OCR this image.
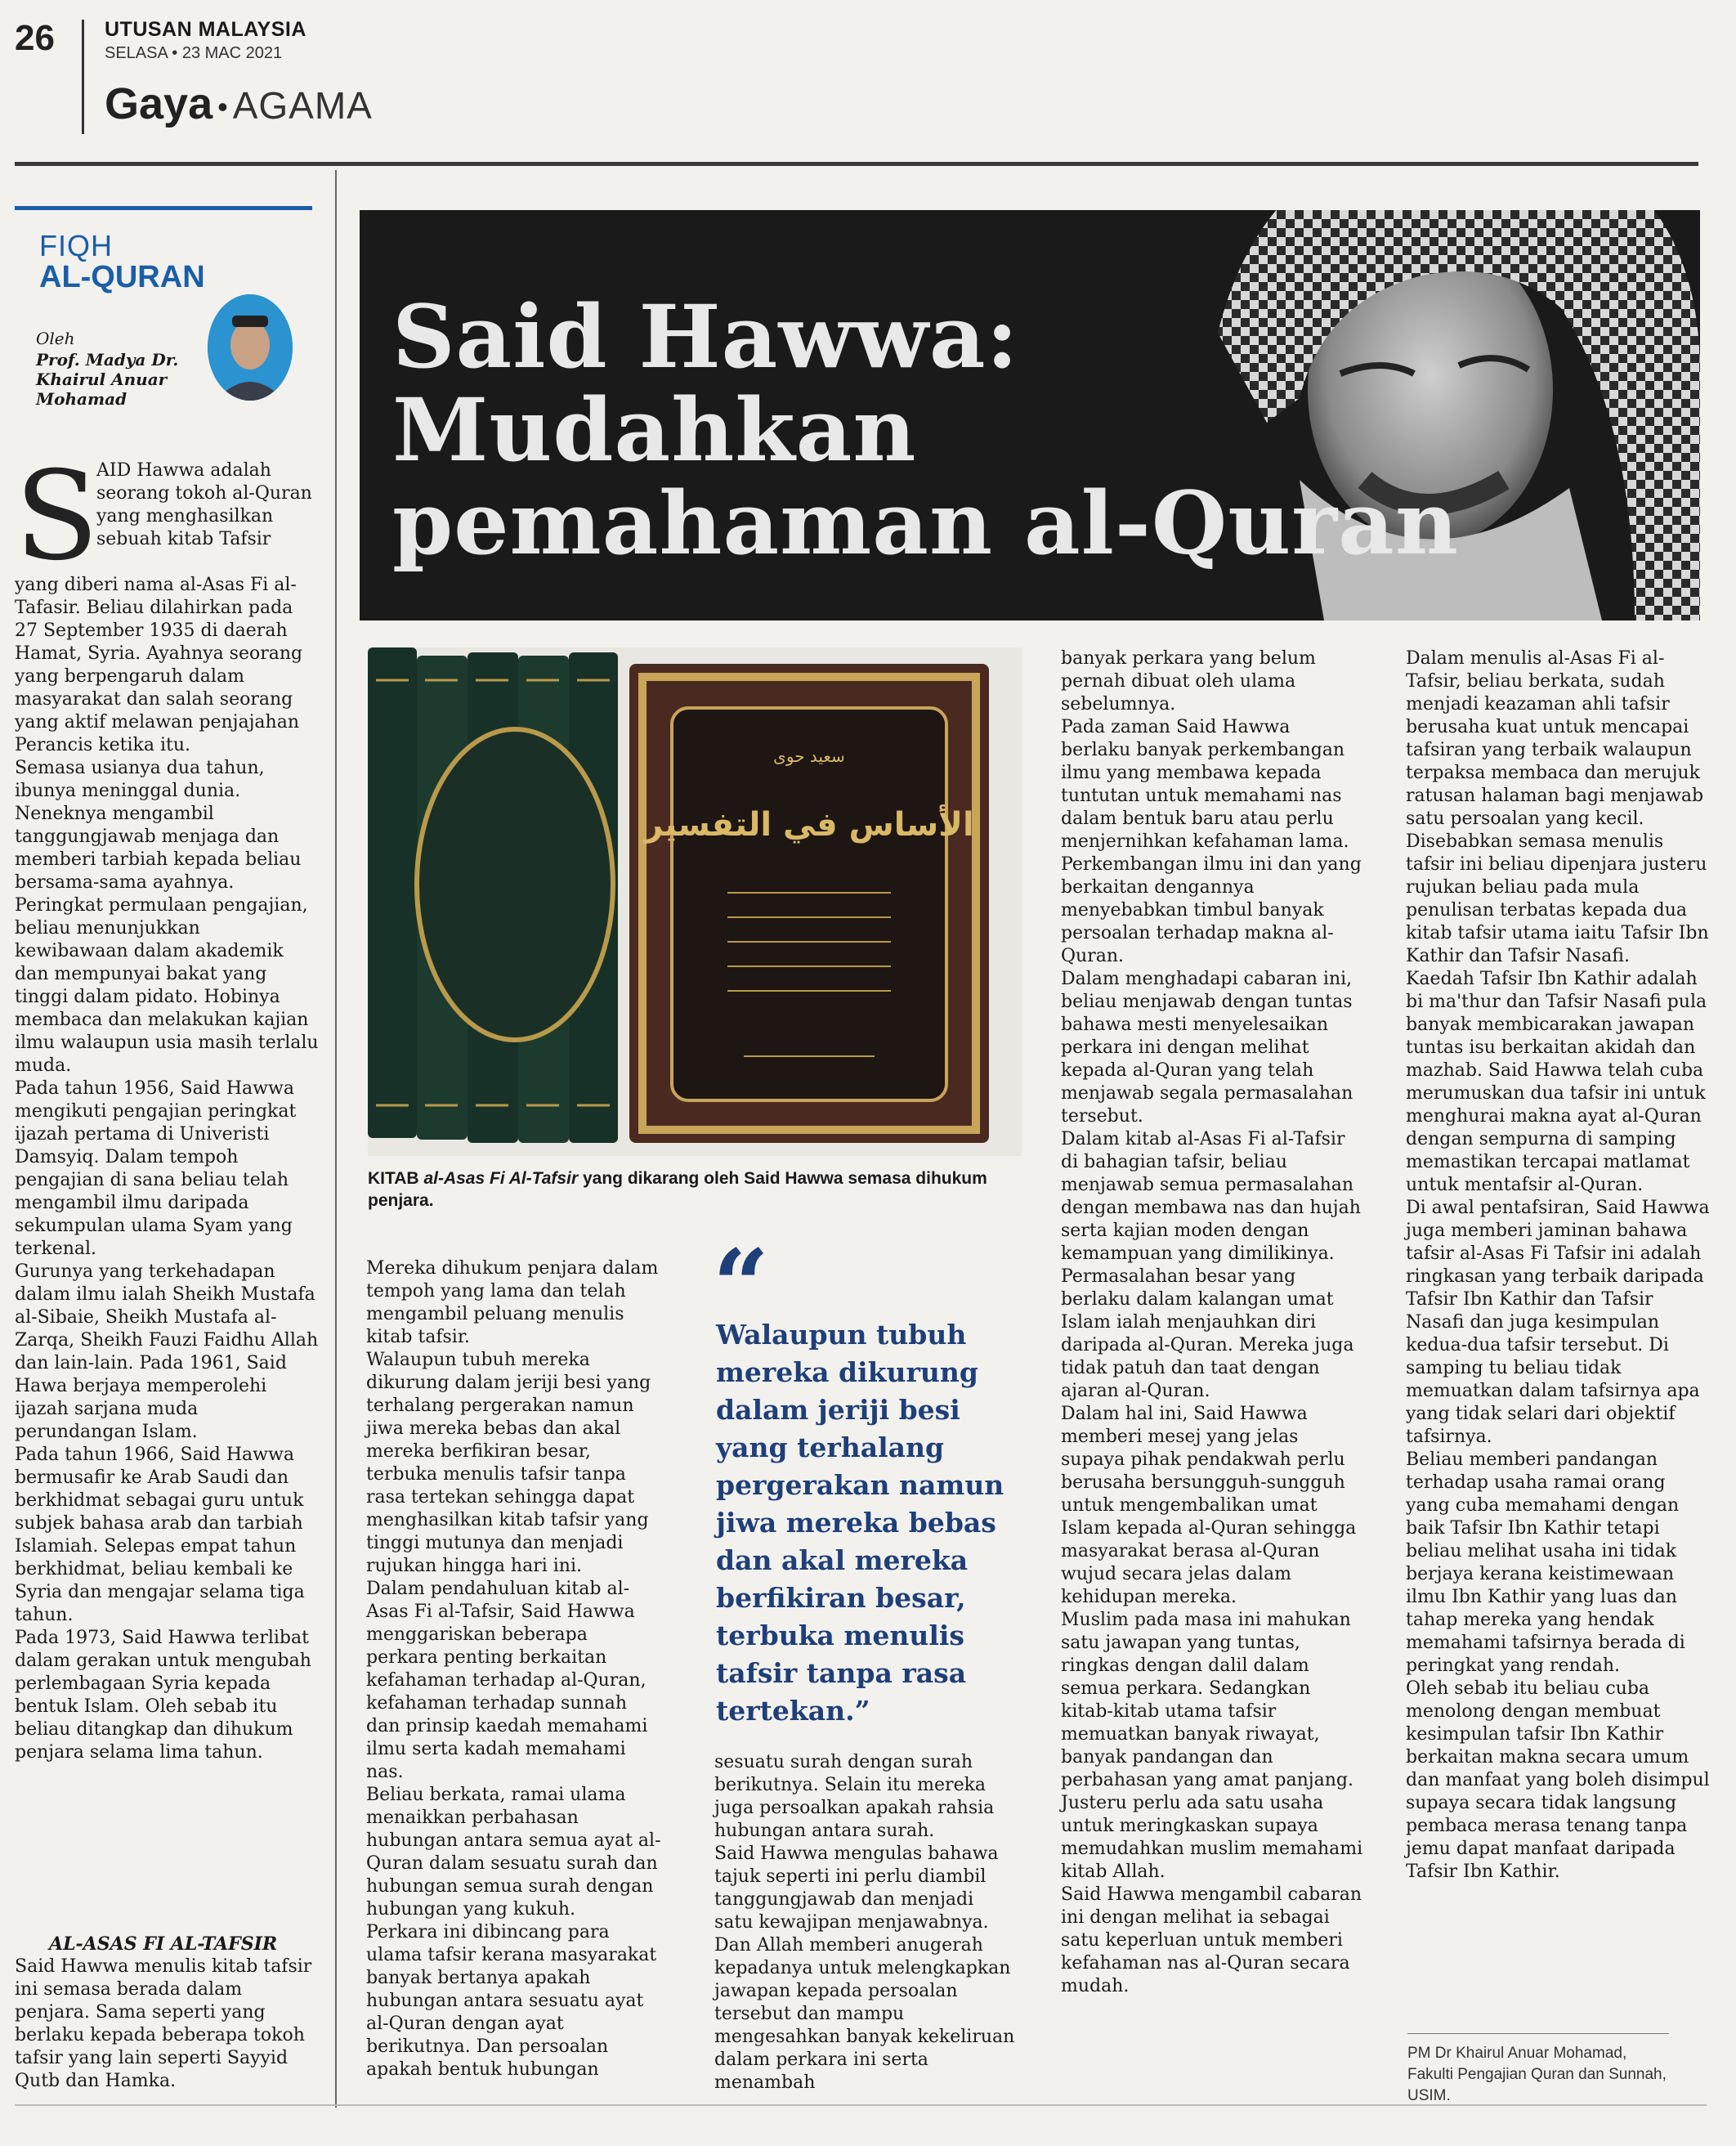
26 UTUSAN MALAYSIA
SELASA • 23 MAC 2021
Gaya • AGAMA
FIQH
AL-QURAN
Oleh
Prof. Madya Dr. Khairul Anuar Mohamad
Said Hawwa:
Mudahkan
pemahaman al-Quran
سعيد حوى
الأساس في التفسير
KITAB al-Asas Fi Al-Tafsir yang dikarang oleh Said Hawwa semasa dihukum penjara.
S
AID Hawwa adalah seorang tokoh al-Quran yang menghasilkan sebuah kitab Tafsir
yang diberi nama al-Asas Fi al-Tafasir. Beliau dilahirkan pada 27 September 1935 di daerah Hamat, Syria. Ayahnya seorang yang berpengaruh dalam masyarakat dan salah seorang yang aktif melawan penjajahan Perancis ketika itu.
Semasa usianya dua tahun, ibunya meninggal dunia. Neneknya mengambil tanggungjawab menjaga dan memberi tarbiah kepada beliau bersama-sama ayahnya.
Peringkat permulaan pengajian, beliau menunjukkan kewibawaan dalam akademik dan mempunyai bakat yang tinggi dalam pidato. Hobinya membaca dan melakukan kajian ilmu walaupun usia masih terlalu muda.
Pada tahun 1956, Said Hawwa mengikuti pengajian peringkat ijazah pertama di Univeristi Damsyiq. Dalam tempoh pengajian di sana beliau telah mengambil ilmu daripada sekumpulan ulama Syam yang terkenal.
Gurunya yang terkehadapan dalam ilmu ialah Sheikh Mustafa al-Sibaie, Sheikh Mustafa al-Zarqa, Sheikh Fauzi Faidhu Allah dan lain-lain. Pada 1961, Said Hawa berjaya memperolehi ijazah sarjana muda perundangan Islam.
Pada tahun 1966, Said Hawwa bermusafir ke Arab Saudi dan berkhidmat sebagai guru untuk subjek bahasa arab dan tarbiah Islamiah. Selepas empat tahun berkhidmat, beliau kembali ke Syria dan mengajar selama tiga tahun.
Pada 1973, Said Hawwa terlibat dalam gerakan untuk mengubah perlembagaan Syria kepada bentuk Islam. Oleh sebab itu beliau ditangkap dan dihukum penjara selama lima tahun.
AL-ASAS FI AL-TAFSIR
Said Hawwa menulis kitab tafsir ini semasa berada dalam penjara. Sama seperti yang berlaku kepada beberapa tokoh tafsir yang lain seperti Sayyid Qutb dan Hamka.
Mereka dihukum penjara dalam tempoh yang lama dan telah mengambil peluang menulis kitab tafsir.
Walaupun tubuh mereka dikurung dalam jeriji besi yang terhalang pergerakan namun jiwa mereka bebas dan akal mereka berfikiran besar, terbuka menulis tafsir tanpa rasa tertekan sehingga dapat menghasilkan kitab tafsir yang tinggi mutunya dan menjadi rujukan hingga hari ini.
Dalam pendahuluan kitab al-Asas Fi al-Tafsir, Said Hawwa menggariskan beberapa perkara penting berkaitan kefahaman terhadap al-Quran, kefahaman terhadap sunnah dan prinsip kaedah memahami ilmu serta kadah memahami nas.
Beliau berkata, ramai ulama menaikkan perbahasan hubungan antara semua ayat al-Quran dalam sesuatu surah dan hubungan semua surah dengan hubungan yang kukuh.
Perkara ini dibincang para ulama tafsir kerana masyarakat banyak bertanya apakah hubungan antara sesuatu ayat al-Quran dengan ayat berikutnya. Dan persoalan apakah bentuk hubungan
“
Walaupun tubuh mereka dikurung dalam jeriji besi yang terhalang pergerakan namun jiwa mereka bebas dan akal mereka berfikiran besar, terbuka menulis tafsir tanpa rasa tertekan.”
sesuatu surah dengan surah berikutnya. Selain itu mereka juga persoalkan apakah rahsia hubungan antara surah.
Said Hawwa mengulas bahawa tajuk seperti ini perlu diambil tanggungjawab dan menjadi satu kewajipan menjawabnya. Dan Allah memberi anugerah kepadanya untuk melengkapkan jawapan kepada persoalan tersebut dan mampu mengesahkan banyak kekeliruan dalam perkara ini serta menambah
banyak perkara yang belum pernah dibuat oleh ulama sebelumnya.
Pada zaman Said Hawwa berlaku banyak perkembangan ilmu yang membawa kepada tuntutan untuk memahami nas dalam bentuk baru atau perlu menjernihkan kefahaman lama. Perkembangan ilmu ini dan yang berkaitan dengannya menyebabkan timbul banyak persoalan terhadap makna al-Quran.
Dalam menghadapi cabaran ini, beliau menjawab dengan tuntas bahawa mesti menyelesaikan perkara ini dengan melihat kepada al-Quran yang telah menjawab segala permasalahan tersebut.
Dalam kitab al-Asas Fi al-Tafsir di bahagian tafsir, beliau menjawab semua permasalahan dengan membawa nas dan hujah serta kajian moden dengan kemampuan yang dimilikinya.
Permasalahan besar yang berlaku dalam kalangan umat Islam ialah menjauhkan diri daripada al-Quran. Mereka juga tidak patuh dan taat dengan ajaran al-Quran.
Dalam hal ini, Said Hawwa memberi mesej yang jelas supaya pihak pendakwah perlu berusaha bersungguh-sungguh untuk mengembalikan umat Islam kepada al-Quran sehingga masyarakat berasa al-Quran wujud secara jelas dalam kehidupan mereka.
Muslim pada masa ini mahukan satu jawapan yang tuntas, ringkas dengan dalil dalam semua perkara. Sedangkan kitab-kitab utama tafsir memuatkan banyak riwayat, banyak pandangan dan perbahasan yang amat panjang. Justeru perlu ada satu usaha untuk meringkaskan supaya memudahkan muslim memahami kitab Allah.
Said Hawwa mengambil cabaran ini dengan melihat ia sebagai satu keperluan untuk memberi kefahaman nas al-Quran secara mudah.
Dalam menulis al-Asas Fi al-Tafsir, beliau berkata, sudah menjadi keazaman ahli tafsir berusaha kuat untuk mencapai tafsiran yang terbaik walaupun terpaksa membaca dan merujuk ratusan halaman bagi menjawab satu persoalan yang kecil.
Disebabkan semasa menulis tafsir ini beliau dipenjara justeru rujukan beliau pada mula penulisan terbatas kepada dua kitab tafsir utama iaitu Tafsir Ibn Kathir dan Tafsir Nasafi.
Kaedah Tafsir Ibn Kathir adalah bi ma'thur dan Tafsir Nasafi pula banyak membicarakan jawapan tuntas isu berkaitan akidah dan mazhab. Said Hawwa telah cuba merumuskan dua tafsir ini untuk menghurai makna ayat al-Quran dengan sempurna di samping memastikan tercapai matlamat untuk mentafsir al-Quran.
Di awal pentafsiran, Said Hawwa juga memberi jaminan bahawa tafsir al-Asas Fi Tafsir ini adalah ringkasan yang terbaik daripada Tafsir Ibn Kathir dan Tafsir Nasafi dan juga kesimpulan kedua-dua tafsir tersebut. Di samping tu beliau tidak memuatkan dalam tafsirnya apa yang tidak selari dari objektif tafsirnya.
Beliau memberi pandangan terhadap usaha ramai orang yang cuba memahami dengan baik Tafsir Ibn Kathir tetapi beliau melihat usaha ini tidak berjaya kerana keistimewaan ilmu Ibn Kathir yang luas dan tahap mereka yang hendak memahami tafsirnya berada di peringkat yang rendah.
Oleh sebab itu beliau cuba menolong dengan membuat kesimpulan tafsir Ibn Kathir berkaitan makna secara umum dan manfaat yang boleh disimpul supaya secara tidak langsung pembaca merasa tenang tanpa jemu dapat manfaat daripada Tafsir Ibn Kathir.
PM Dr Khairul Anuar Mohamad,
Fakulti Pengajian Quran dan Sunnah,
USIM.
